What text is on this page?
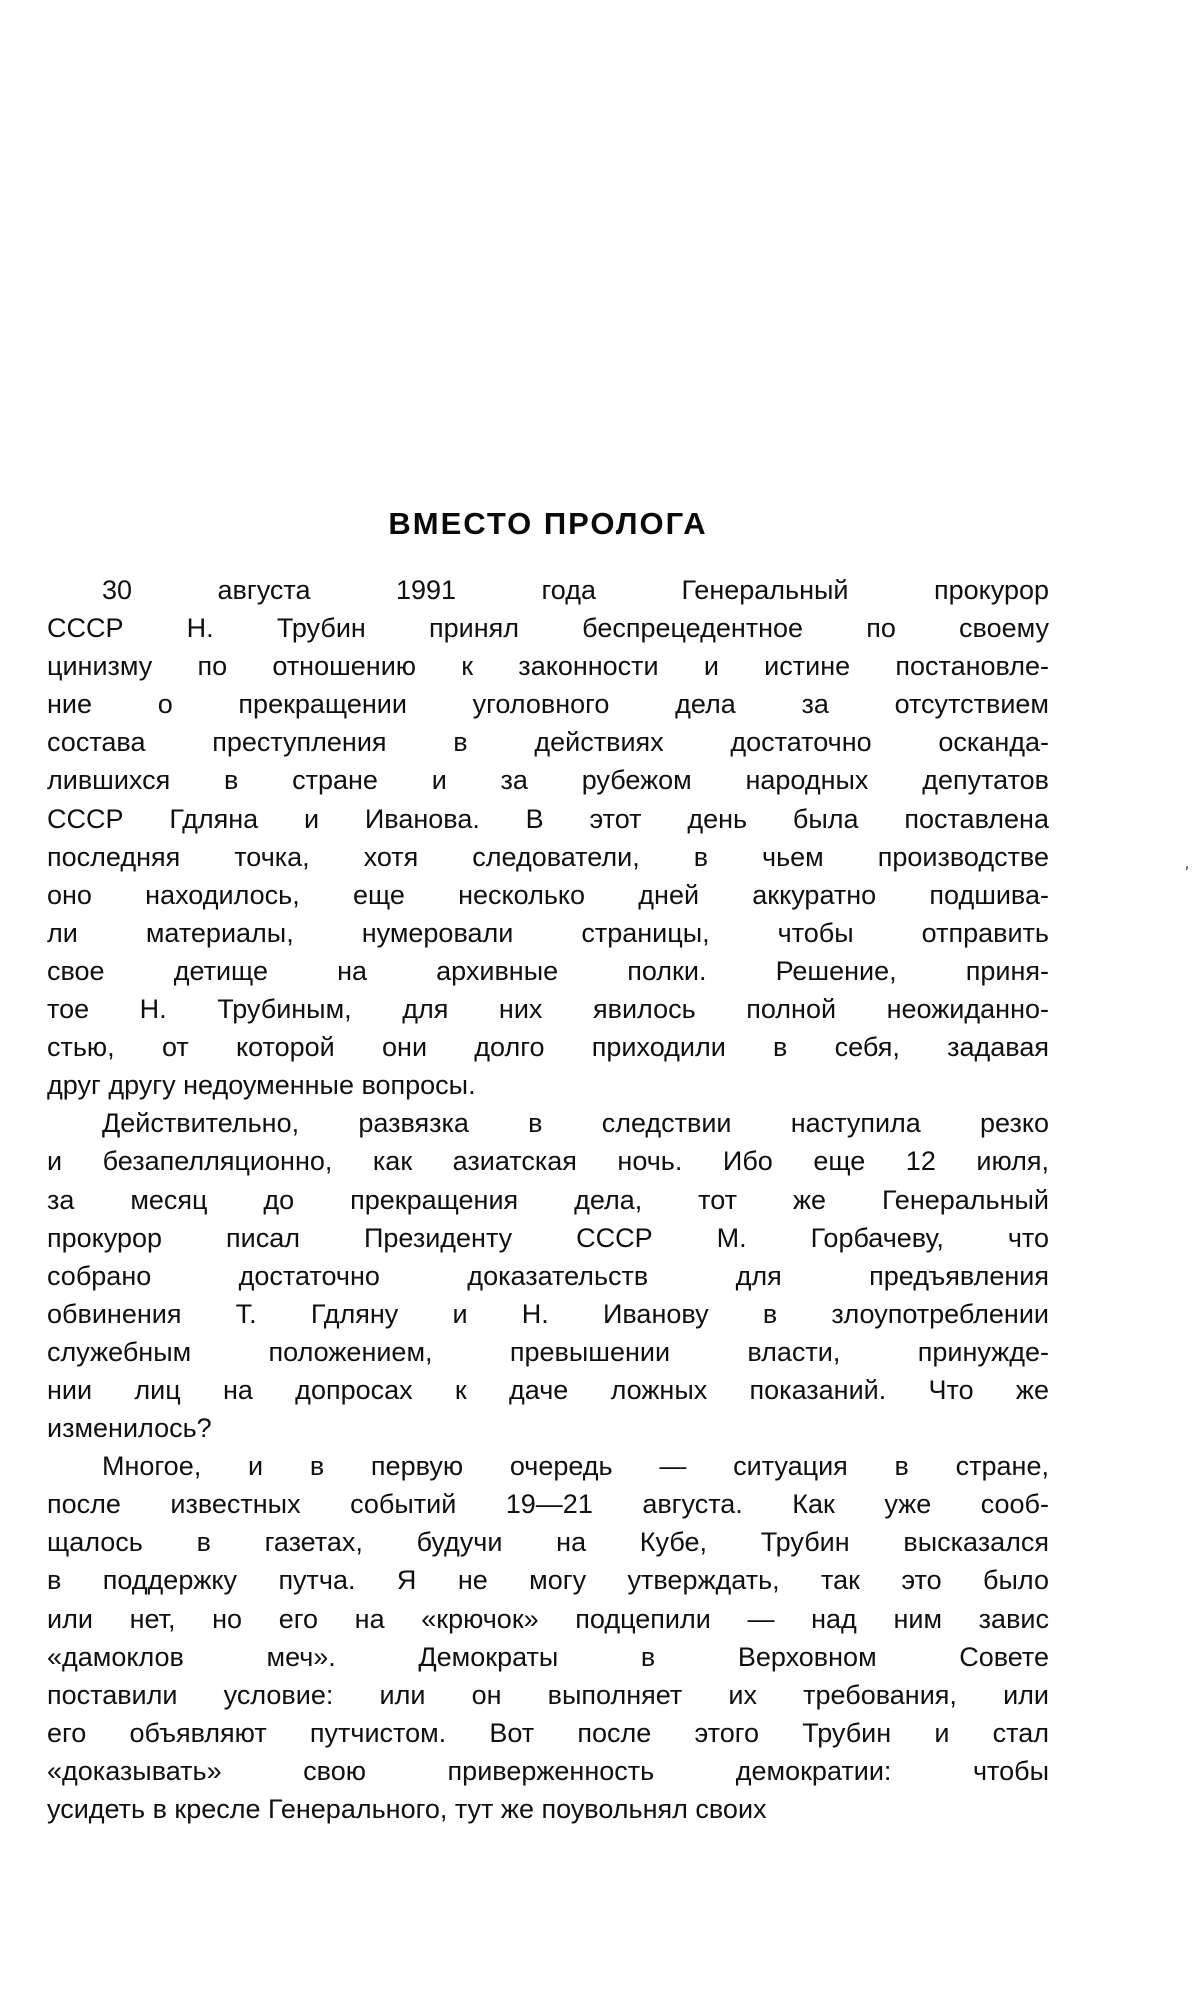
ВМЕСТО ПРОЛОГА
30 августа 1991 года Генеральный прокурор
СССР Н. Трубин принял беспрецедентное по своему
цинизму по отношению к законности и истине постановле-
ние о прекращении уголовного дела за отсутствием
состава преступления в действиях достаточно осканда-
лившихся в стране и за рубежом народных депутатов
СССР Гдляна и Иванова. В этот день была поставлена
последняя точка, хотя следователи, в чьем производстве
оно находилось, еще несколько дней аккуратно подшива-
ли материалы, нумеровали страницы, чтобы отправить
свое детище на архивные полки. Решение, приня-
тое Н. Трубиным, для них явилось полной неожиданно-
стью, от которой они долго приходили в себя, задавая
друг другу недоуменные вопросы.
Действительно, развязка в следствии наступила резко
и безапелляционно, как азиатская ночь. Ибо еще 12 июля,
за месяц до прекращения дела, тот же Генеральный
прокурор писал Президенту СССР М. Горбачеву, что
собрано достаточно доказательств для предъявления
обвинения Т. Гдляну и Н. Иванову в злоупотреблении
служебным положением, превышении власти, принужде-
нии лиц на допросах к даче ложных показаний. Что же
изменилось?
Многое, и в первую очередь — ситуация в стране,
после известных событий 19—21 августа. Как уже сооб-
щалось в газетах, будучи на Кубе, Трубин высказался
в поддержку путча. Я не могу утверждать, так это было
или нет, но его на «крючок» подцепили — над ним завис
«дамоклов меч». Демократы в Верховном Совете
поставили условие: или он выполняет их требования, или
его объявляют путчистом. Вот после этого Трубин и стал
«доказывать» свою приверженность демократии: чтобы
усидеть в кресле Генерального, тут же поувольнял своих
’
